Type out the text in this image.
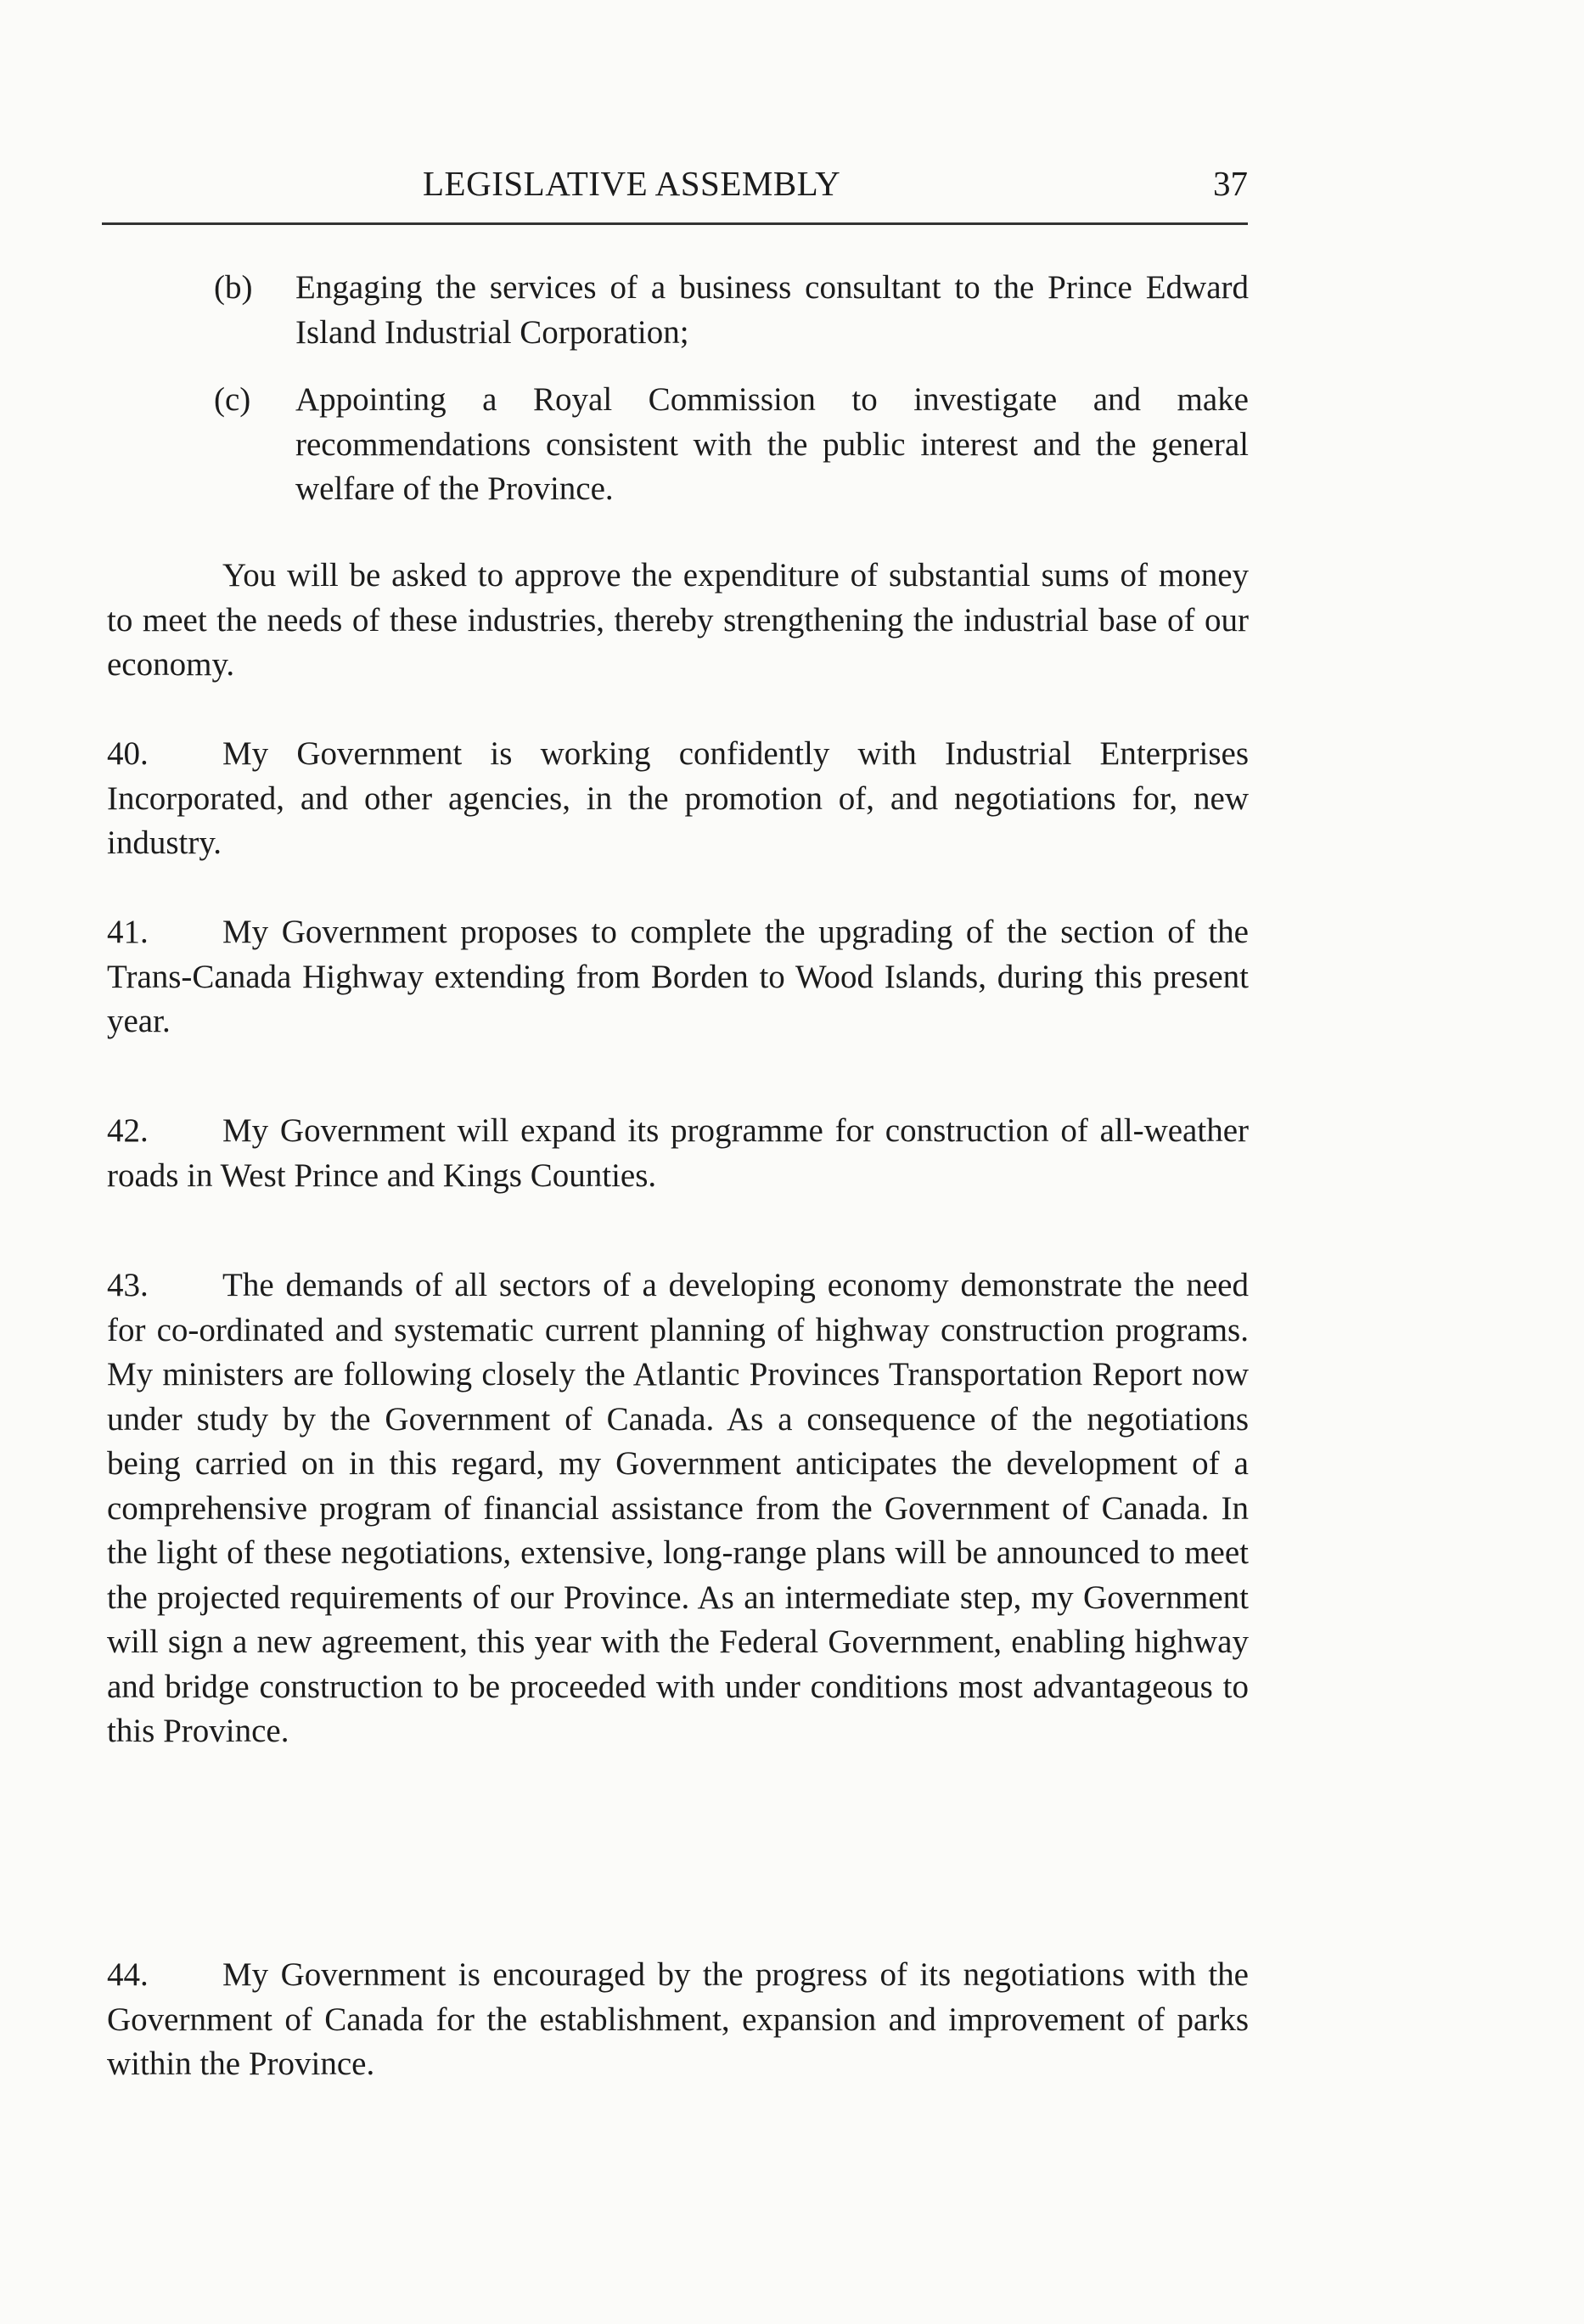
LEGISLATIVE ASSEMBLY	37
(b) Engaging the services of a business consultant to the Prince Edward Island Industrial Corporation;
(c) Appointing a Royal Commission to investigate and make recommendations consistent with the public interest and the general welfare of the Province.
You will be asked to approve the expenditure of substantial sums of money to meet the needs of these industries, thereby strengthening the industrial base of our economy.
40. My Government is working confidently with Industrial Enterprises Incorporated, and other agencies, in the promotion of, and negotiations for, new industry.
41. My Government proposes to complete the upgrading of the section of the Trans-Canada Highway extending from Borden to Wood Islands, during this present year.
42. My Government will expand its programme for construction of all-weather roads in West Prince and Kings Counties.
43. The demands of all sectors of a developing economy demonstrate the need for co-ordinated and systematic current planning of highway construction programs. My ministers are following closely the Atlantic Provinces Transportation Report now under study by the Government of Canada. As a consequence of the negotiations being carried on in this regard, my Government anticipates the development of a comprehensive program of financial assistance from the Government of Canada. In the light of these negotiations, extensive, long-range plans will be announced to meet the projected requirements of our Province. As an intermediate step, my Government will sign a new agreement, this year with the Federal Government, enabling highway and bridge construction to be proceeded with under conditions most advantageous to this Province.
44. My Government is encouraged by the progress of its negotiations with the Government of Canada for the establishment, expansion and improvement of parks within the Province.
